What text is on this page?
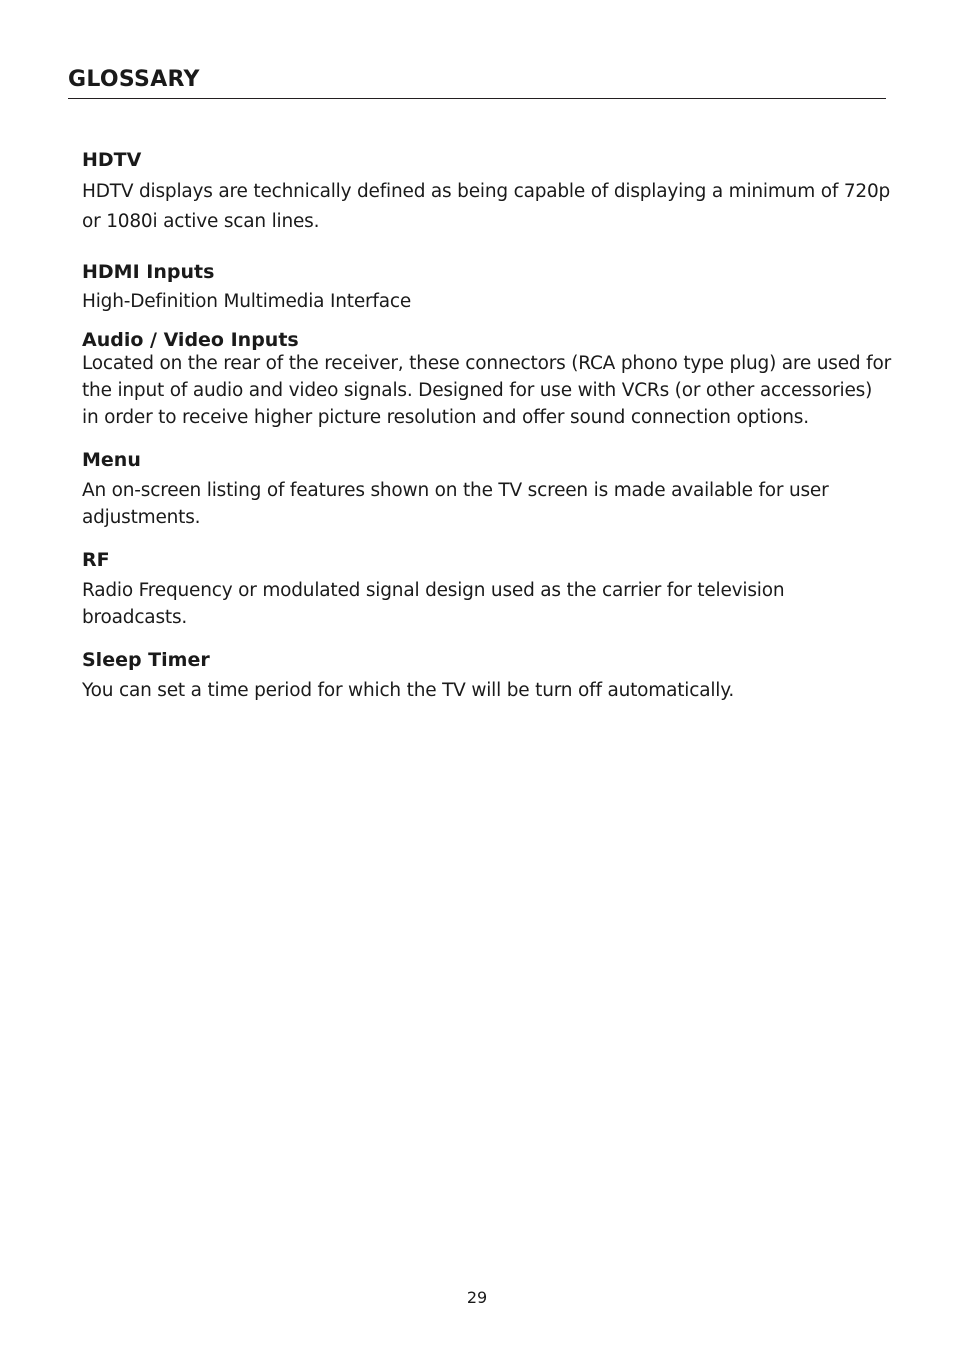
GLOSSARY
HDTV

HDTV displays are technically defined as being capable of displaying a minimum of 720p or 1080i active scan lines.

HDMI Inputs

High-Definition Multimedia Interface

Audio / Video Inputs

Located on the rear of the receiver, these connectors (RCA phono type plug) are used for the input of audio and video signals. Designed for use with VCRs (or other accessories) in order to receive higher picture resolution and offer sound connection options.

Menu

An on-screen listing of features shown on the TV screen is made available for user adjustments.

RF

Radio Frequency or modulated signal design used as the carrier for television broadcasts.

Sleep Timer

You can set a time period for which the TV will be turn off automatically.

29
